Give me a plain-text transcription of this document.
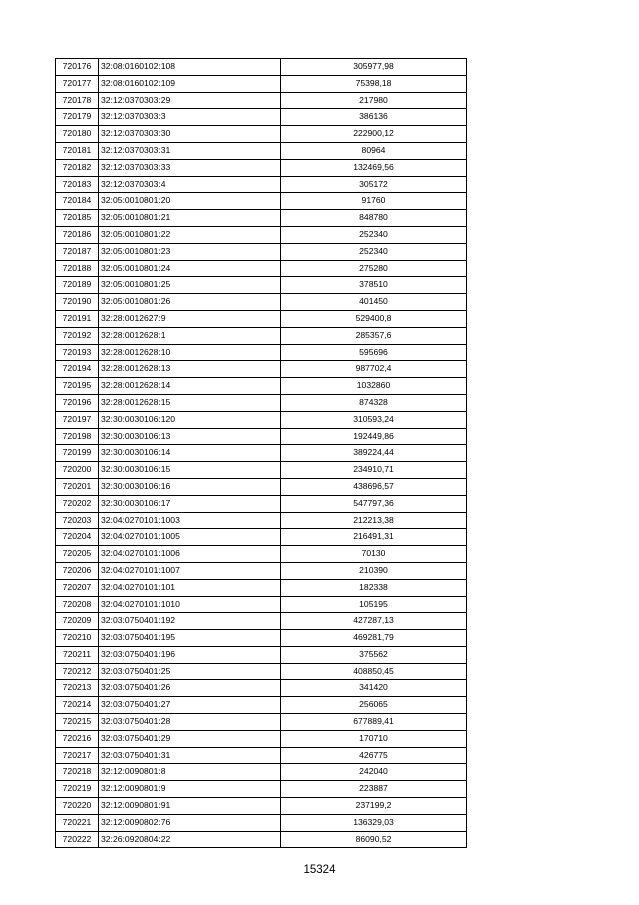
720176	32:08:0160102:108	305977,98
720177	32:08:0160102:109	75398,18
720178	32:12:0370303:29	217980
720179	32:12:0370303:3	386136
720180	32:12:0370303:30	222900,12
720181	32:12:0370303:31	80964
720182	32:12:0370303:33	132469,56
720183	32:12:0370303:4	305172
720184	32:05:0010801:20	91760
720185	32:05:0010801:21	848780
720186	32:05:0010801:22	252340
720187	32:05:0010801:23	252340
720188	32:05:0010801:24	275280
720189	32:05:0010801:25	378510
720190	32:05:0010801:26	401450
720191	32:28:0012627:9	529400,8
720192	32:28:0012628:1	285357,6
720193	32:28:0012628:10	595696
720194	32:28:0012628:13	987702,4
720195	32:28:0012628:14	1032860
720196	32:28:0012628:15	874328
720197	32:30:0030106:120	310593,24
720198	32:30:0030106:13	192449,86
720199	32:30:0030106:14	389224,44
720200	32:30:0030106:15	234910,71
720201	32:30:0030106:16	438696,57
720202	32:30:0030106:17	547797,36
720203	32:04:0270101:1003	212213,38
720204	32:04:0270101:1005	216491,31
720205	32:04:0270101:1006	70130
720206	32:04:0270101:1007	210390
720207	32:04:0270101:101	182338
720208	32:04:0270101:1010	105195
720209	32:03:0750401:192	427287,13
720210	32:03:0750401:195	469281,79
720211	32:03:0750401:196	375562
720212	32:03:0750401:25	408850,45
720213	32:03:0750401:26	341420
720214	32:03:0750401:27	256065
720215	32:03:0750401:28	677889,41
720216	32:03:0750401:29	170710
720217	32:03:0750401:31	426775
720218	32:12:0090801:8	242040
720219	32:12:0090801:9	223887
720220	32:12:0090801:91	237199,2
720221	32:12:0090802:76	136329,03
720222	32:26:0920804:22	86090,52
15324
